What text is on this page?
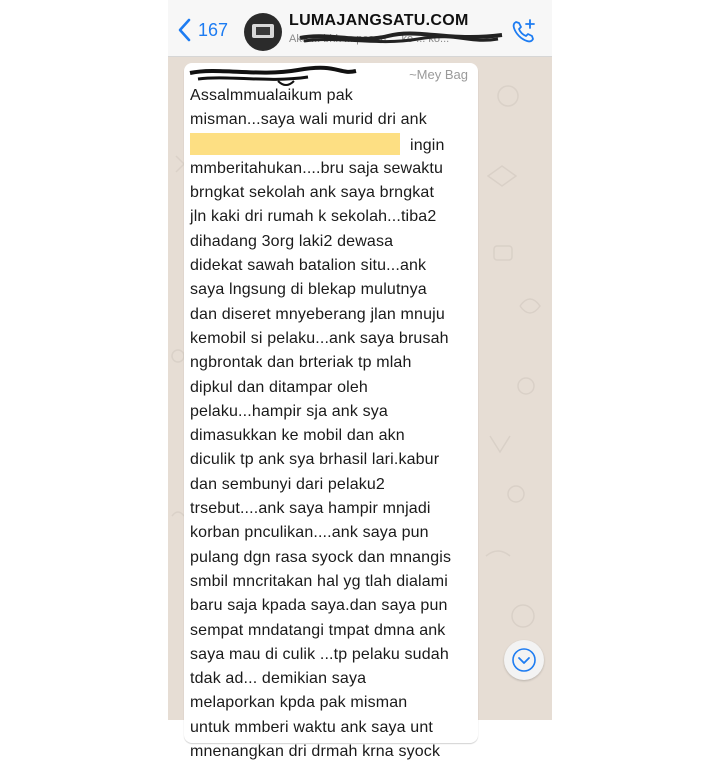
167	LUMAJANGSATU.COM
Aku ... bhk ... pesan ... ke ... ko...
~Mey Bag
Assalmmualaikum pak
misman...saya wali murid dri ank
ingin
mmberitahukan....bru saja sewaktu
brngkat sekolah ank saya brngkat
jln kaki dri rumah k sekolah...tiba2
dihadang 3org laki2 dewasa
didekat sawah batalion situ...ank
saya lngsung di blekap mulutnya
dan diseret mnyeberang jlan mnuju
kemobil si pelaku...ank saya brusah
ngbrontak dan brteriak tp mlah
dipkul dan ditampar oleh
pelaku...hampir sja ank sya
dimasukkan ke mobil dan akn
diculik tp ank sya brhasil lari.kabur
dan sembunyi dari pelaku2
trsebut....ank saya hampir mnjadi
korban pnculikan....ank saya pun
pulang dgn rasa syock dan mnangis
smbil mncritakan hal yg tlah dialami
baru saja kpada saya.dan saya pun
sempat mndatangi tmpat dmna ank
saya mau di culik ...tp pelaku sudah
tdak ad... demikian saya
melaporkan kpda pak misman
untuk mmberi waktu ank saya unt
mnenangkan dri drmah krna syock
